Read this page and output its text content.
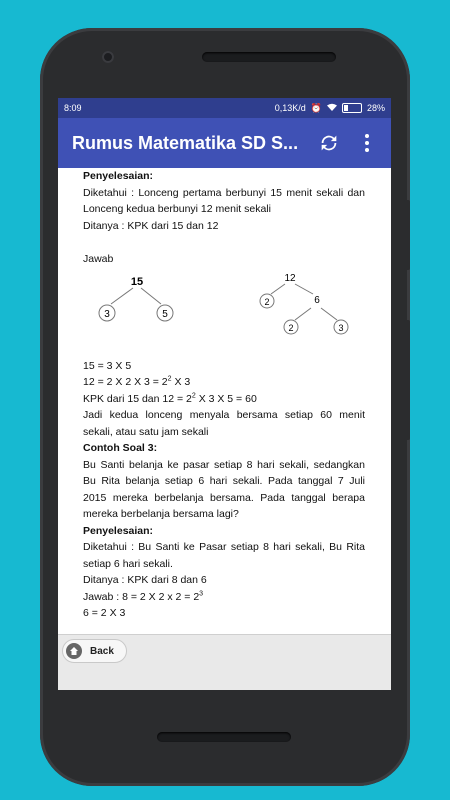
8:09	0,13K/d ⏰	28%
Rumus Matematika SD S...

Penyelesaian:

Diketahui : Lonceng pertama berbunyi 15 menit sekali dan Lonceng kedua berbunyi 12 menit sekali

Ditanya : KPK dari 15 dan 12

Jawab

15
3	5
12
2	6
2	3

15 = 3 X 5

12 = 2 X 2 X $3 = 2^2$ X 3

KPK dari 15 dan $12 = 2^2$ X 3 X 5 = 60

Jadi kedua lonceng menyala bersama setiap 60 menit sekali, atau satu jam sekali

Contoh Soal 3:

Bu Santi belanja ke pasar setiap 8 hari sekali, sedangkan Bu Rita belanja setiap 6 hari sekali. Pada tanggal 7 Juli 2015 mereka berbelanja bersama. Pada tanggal berapa mereka berbelanja bersama lagi?

Penyelesaian:

Diketahui : Bu Santi ke Pasar setiap 8 hari sekali, Bu Rita setiap 6 hari sekali.

Ditanya : KPK dari 8 dan 6

Jawab : 8 = 2 X 2 x $2 = 2^3$

6 = 2 X 3

Back
